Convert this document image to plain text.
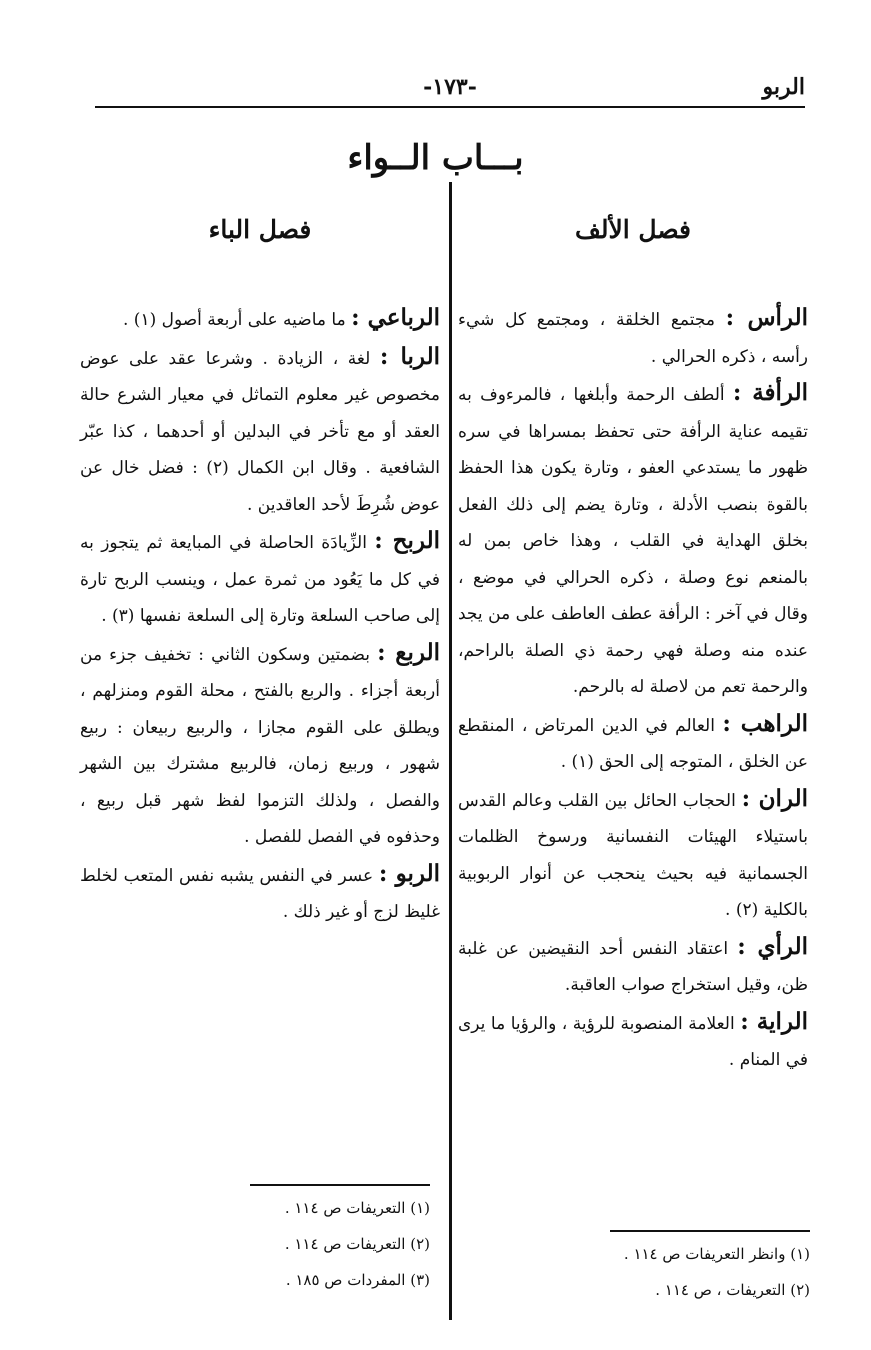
الربو
-١٧٣-
بـــاب الــواء
فصل الألف

الرأس : مجتمع الخلقة ، ومجتمع كل شيء رأسه ، ذكره الحرالي .

الرأفة : ألطف الرحمة وأبلغها ، فالمرءوف به تقيمه عناية الرأفة حتى تحفظ بمسراها في سره ظهور ما يستدعي العفو ، وتارة يكون هذا الحفظ بالقوة بنصب الأدلة ، وتارة يضم إلى ذلك الفعل بخلق الهداية في القلب ، وهذا خاص بمن له بالمنعم نوع وصلة ، ذكره الحرالي في موضع ، وقال في آخر : الرأفة عطف العاطف على من يجد عنده منه وصلة فهي رحمة ذي الصلة بالراحم، والرحمة تعم من لاصلة له بالرحم.

الراهب : العالم في الدين المرتاض ، المنقطع عن الخلق ، المتوجه إلى الحق (١) .

الران : الحجاب الحائل بين القلب وعالم القدس باستيلاء الهيئات النفسانية ورسوخ الظلمات الجسمانية فيه بحيث ينحجب عن أنوار الربوبية بالكلية (٢) .

الرأي : اعتقاد النفس أحد النقيضين عن غلبة ظن، وقيل استخراج صواب العاقبة.

الراية : العلامة المنصوبة للرؤية ، والرؤيا ما يرى في المنام .

فصل الباء

الرباعي : ما ماضيه على أربعة أصول (١) .

الربا : لغة ، الزيادة . وشرعا عقد على عوض مخصوص غير معلوم التماثل في معيار الشرع حالة العقد أو مع تأخر في البدلين أو أحدهما ، كذا عبّر الشافعية . وقال ابن الكمال (٢) : فضل خال عن عوض شُرِطَ لأحد العاقدين .

الربح : الزِّيادَة الحاصلة في المبايعة ثم يتجوز به في كل ما يَعُود من ثمرة عمل ، وينسب الربح تارة إلى صاحب السلعة وتارة إلى السلعة نفسها (٣) .

الربع : بضمتين وسكون الثاني : تخفيف جزء من أربعة أجزاء . والربع بالفتح ، محلة القوم ومنزلهم ، ويطلق على القوم مجازا ، والربيع ربيعان : ربيع شهور ، وربيع زمان، فالربيع مشترك بين الشهر والفصل ، ولذلك التزموا لفظ شهر قبل ربيع ، وحذفوه في الفصل للفصل .

الربو : عسر في النفس يشبه نفس المتعب لخلط غليظ لزج أو غير ذلك .

(١) وانظر التعريفات ص ١١٤ .
(٢) التعريفات ، ص ١١٤ .
(١) التعريفات ص ١١٤ .
(٢) التعريفات ص ١١٤ .
(٣) المفردات ص ١٨٥ .
